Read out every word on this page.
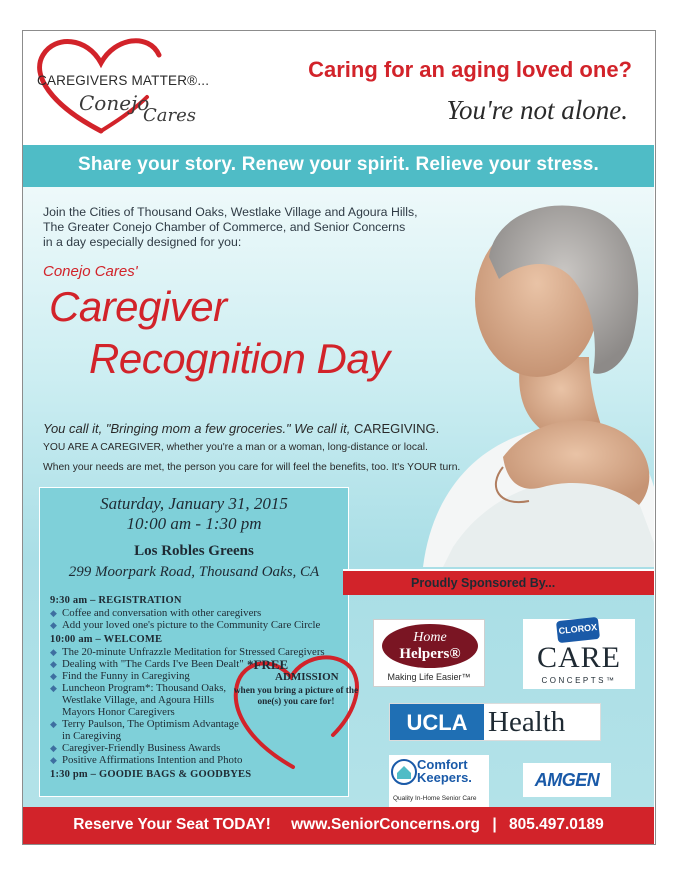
CAREGIVERS MATTER®...
Conejo
Cares
Caring for an aging loved one?
You're not alone.
Share your story. Renew your spirit. Relieve your stress.
Join the Cities of Thousand Oaks, Westlake Village and Agoura Hills,
The Greater Conejo Chamber of Commerce, and Senior Concerns
in a day especially designed for you:
Conejo Cares'
Caregiver
Recognition Day
You call it, "Bringing mom a few groceries." We call it, CAREGIVING.
YOU ARE A CAREGIVER, whether you're a man or a woman, long-distance or local.
When your needs are met, the person you care for will feel the benefits, too. It's YOUR turn.
Saturday, January 31, 2015
10:00 am - 1:30 pm
Los Robles Greens
299 Moorpark Road, Thousand Oaks, CA
9:30 am – REGISTRATION
◆ Coffee and conversation with other caregivers
◆ Add your loved one's picture to the Community Care Circle
10:00 am – WELCOME
◆ The 20-minute Unfrazzle Meditation for Stressed Caregivers
◆ Dealing with "The Cards I've Been Dealt"
◆ Find the Funny in Caregiving
◆ Luncheon Program*: Thousand Oaks, Westlake Village, and Agoura Hills Mayors Honor Caregivers
◆ Terry Paulson, The Optimism Advantage in Caregiving
◆ Caregiver-Friendly Business Awards
◆ Positive Affirmations Intention and Photo
1:30 pm – GOODIE BAGS & GOODBYES
*FREE
ADMISSION
when you bring a picture of the one(s) you care for!
Proudly Sponsored By...
Home
Helpers®
Making Life Easier™
CLOROX
CARE
CONCEPTS™
UCLA Health
Comfort
Keepers.
Quality In-Home Senior Care
AMGEN
Reserve Your Seat TODAY! www.SeniorConcerns.org | 805.497.0189
